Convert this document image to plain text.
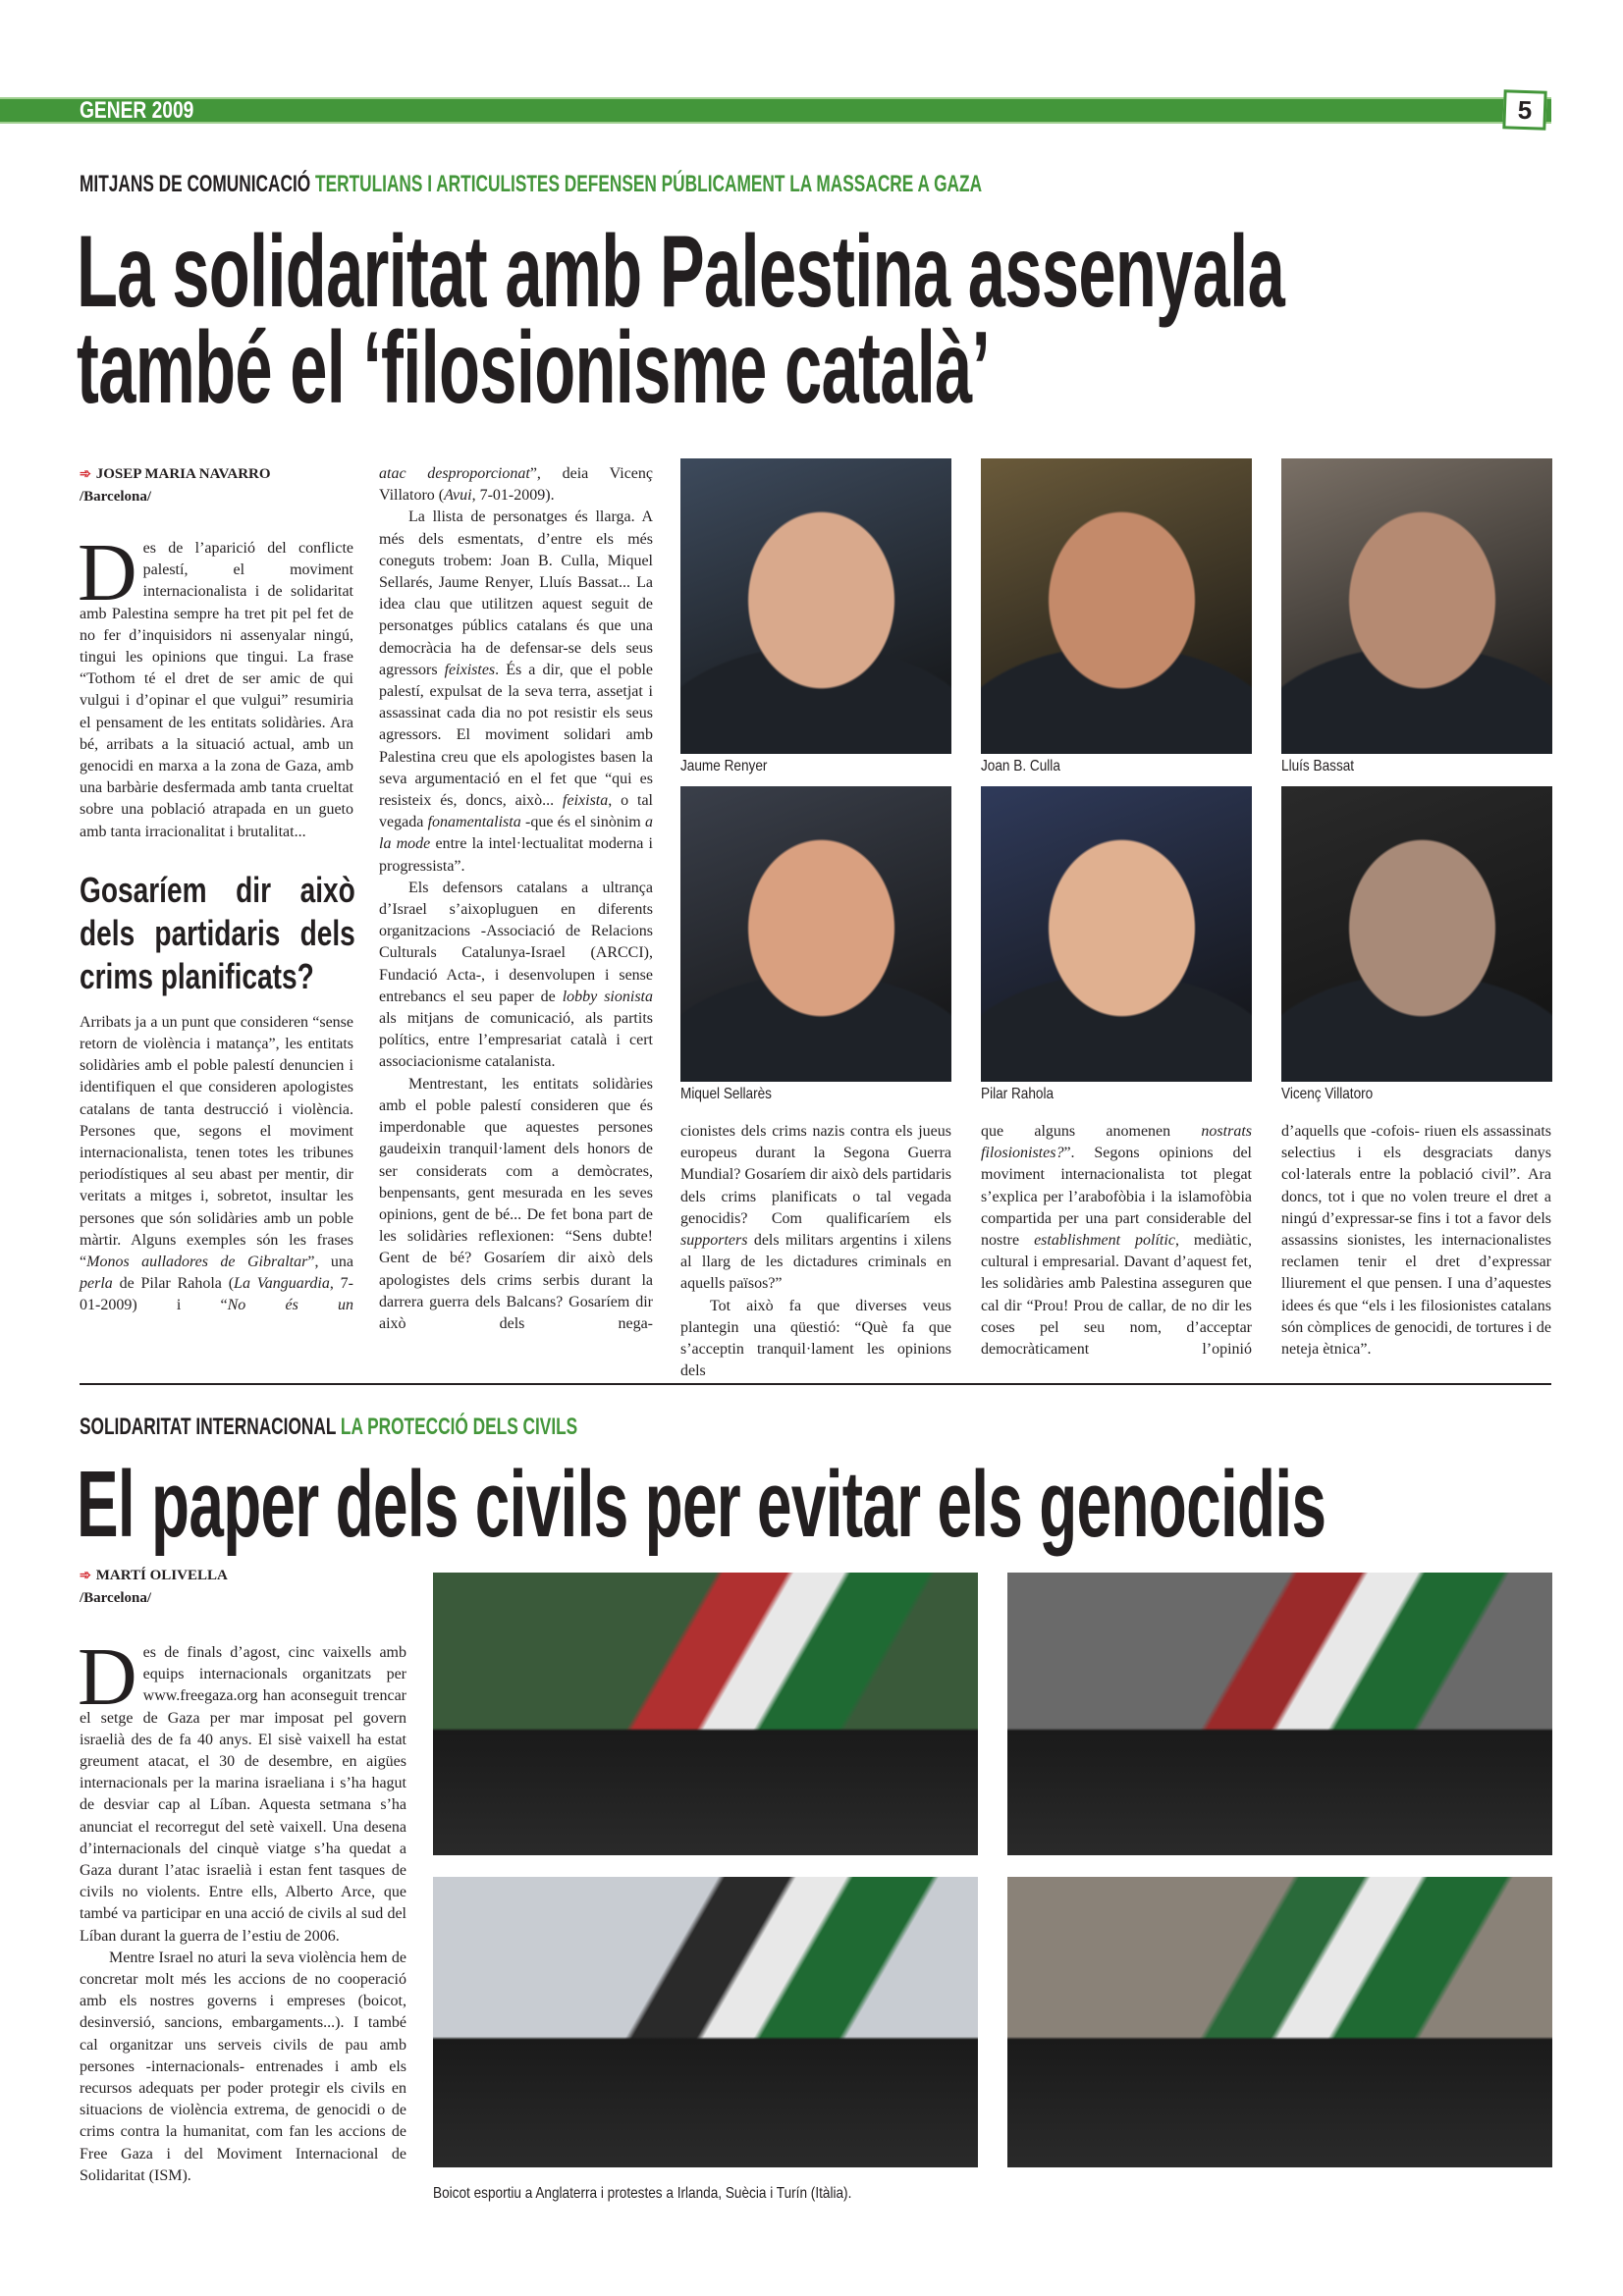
GENER 2009	5
MITJANS DE COMUNICACIÓ TERTULIANS I ARTICULISTES DEFENSEN PÚBLICAMENT LA MASSACRE A GAZA
La solidaritat amb Palestina assenyala
també el ‘filosionisme català’
➾ JOSEP MARIA NAVARRO
/Barcelona/

Des de l’aparició del conflicte palestí, el moviment internacionalista i de solidaritat amb Palestina sempre ha tret pit pel fet de no fer d’inquisidors ni assenyalar ningú, tingui les opinions que tingui. La frase “Tothom té el dret de ser amic de qui vulgui i d’opinar el que vulgui” resumiria el pensament de les entitats solidàries. Ara bé, arribats a la situació actual, amb un genocidi en marxa a la zona de Gaza, amb una barbàrie desfermada amb tanta crueltat sobre una població atrapada en un gueto amb tanta irracionalitat i brutalitat...

Gosaríem dir això dels partidaris dels crims planificats?

Arribats ja a un punt que consideren “sense retorn de violència i matança”, les entitats solidàries amb el poble palestí denuncien i identifiquen el que consideren apologistes catalans de tanta destrucció i violència. Persones que, segons el moviment internacionalista, tenen totes les tribunes periodístiques al seu abast per mentir, dir veritats a mitges i, sobretot, insultar les persones que són solidàries amb un poble màrtir. Alguns exemples són les frases “Monos aulladores de Gibraltar”, una perla de Pilar Rahola (La Vanguardia, 7-01-2009) i “No és un

atac desproporcionat”, deia Vicenç Villatoro (Avui, 7-01-2009).

La llista de personatges és llarga. A més dels esmentats, d’entre els més coneguts trobem: Joan B. Culla, Miquel Sellarés, Jaume Renyer, Lluís Bassat... La idea clau que utilitzen aquest seguit de personatges públics catalans és que una democràcia ha de defensar-se dels seus agressors feixistes. És a dir, que el poble palestí, expulsat de la seva terra, assetjat i assassinat cada dia no pot resistir els seus agressors. El moviment solidari amb Palestina creu que els apologistes basen la seva argumentació en el fet que “qui es resisteix és, doncs, això... feixista, o tal vegada fonamentalista -que és el sinònim a la mode entre la intel·lectualitat moderna i progressista”.

Els defensors catalans a ultrança d’Israel s’aixopluguen en diferents organitzacions -Associació de Relacions Culturals Catalunya-Israel (ARCCI), Fundació Acta-, i desenvolupen i sense entrebancs el seu paper de lobby sionista als mitjans de comunicació, als partits polítics, entre l’empresariat català i cert associacionisme catalanista.

Mentrestant, les entitats solidàries amb el poble palestí consideren que és imperdonable que aquestes persones gaudeixin tranquil·lament dels honors de ser considerats com a demòcrates, benpensants, gent mesurada en les seves opinions, gent de bé... De fet bona part de les solidàries reflexionen: “Sens dubte! Gent de bé? Gosaríem dir això dels apologistes dels crims serbis durant la darrera guerra dels Balcans? Gosaríem dir això dels nega-

cionistes dels crims nazis contra els jueus europeus durant la Segona Guerra Mundial? Gosaríem dir això dels partidaris dels crims planificats o tal vegada genocidis? Com qualificaríem els supporters dels militars argentins i xilens al llarg de les dictadures criminals en aquells països?”

Tot això fa que diverses veus plantegin una qüestió: “Què fa que s’acceptin tranquil·lament les opinions dels

que alguns anomenen nostrats filosionistes?”. Segons opinions del moviment internacionalista tot plegat s’explica per l’arabofòbia i la islamofòbia compartida per una part considerable del nostre establishment polític, mediàtic, cultural i empresarial. Davant d’aquest fet, les solidàries amb Palestina asseguren que cal dir “Prou! Prou de callar, de no dir les coses pel seu nom, d’acceptar democràticament l’opinió

d’aquells que -cofois- riuen els assassinats selectius i els desgraciats danys col·laterals entre la població civil”. Ara doncs, tot i que no volen treure el dret a ningú d’expressar-se fins i tot a favor dels assassins sionistes, les internacionalistes reclamen tenir el dret d’expressar lliurement el que pensen. I una d’aquestes idees és que “els i les filosionistes catalans són còmplices de genocidi, de tortures i de neteja ètnica”.

Jaume Renyer	Joan B. Culla	Lluís Bassat
Miquel Sellarès	Pilar Rahola	Vicenç Villatoro
SOLIDARITAT INTERNACIONAL LA PROTECCIÓ DELS CIVILS
El paper dels civils per evitar els genocidis
➾ MARTÍ OLIVELLA
/Barcelona/

Des de finals d’agost, cinc vaixells amb equips internacionals organitzats per www.freegaza.org han aconseguit trencar el setge de Gaza per mar imposat pel govern israelià des de fa 40 anys. El sisè vaixell ha estat greument atacat, el 30 de desembre, en aigües internacionals per la marina israeliana i s’ha hagut de desviar cap al Líban. Aquesta setmana s’ha anunciat el recorregut del setè vaixell. Una desena d’internacionals del cinquè viatge s’ha quedat a Gaza durant l’atac israelià i estan fent tasques de civils no violents. Entre ells, Alberto Arce, que també va participar en una acció de civils al sud del Líban durant la guerra de l’estiu de 2006.

Mentre Israel no aturi la seva violència hem de concretar molt més les accions de no cooperació amb els nostres governs i empreses (boicot, desinversió, sancions, embargaments...). I també cal organitzar uns serveis civils de pau amb persones -internacionals- entrenades i amb els recursos adequats per poder protegir els civils en situacions de violència extrema, de genocidi o de crims contra la humanitat, com fan les accions de Free Gaza i del Moviment Internacional de Solidaritat (ISM).

Boicot esportiu a Anglaterra i protestes a Irlanda, Suècia i Turín (Itàlia).
